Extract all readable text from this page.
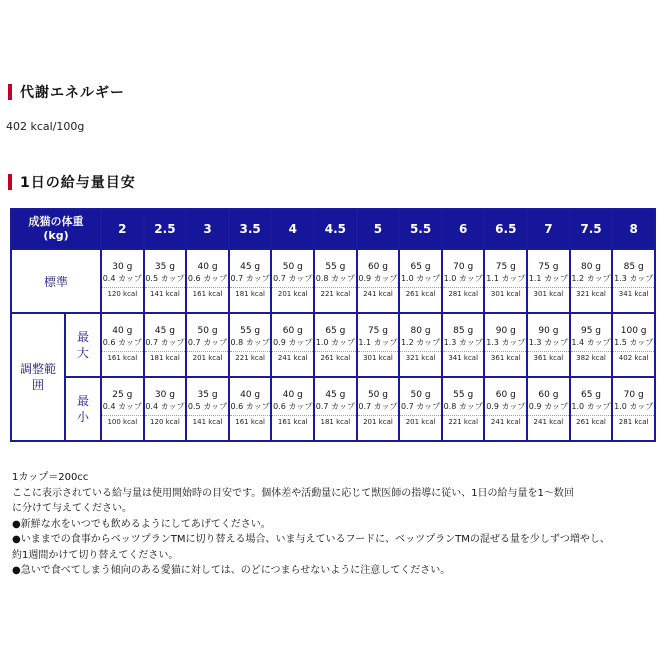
代謝エネルギー
402 kcal/100g
1日の給与量目安
成猫の体重
(kg)		2	2.5	3	3.5	4	4.5	5	5.5	6	6.5	7	7.5	8
標準		30 g
0.4 カップ
120 kcal	35 g
0.5 カップ
141 kcal	40 g
0.6 カップ
161 kcal	45 g
0.7 カップ
181 kcal	50 g
0.7 カップ
201 kcal	55 g
0.8 カップ
221 kcal	60 g
0.9 カップ
241 kcal	65 g
1.0 カップ
261 kcal	70 g
1.0 カップ
281 kcal	75 g
1.1 カップ
301 kcal	75 g
1.1 カップ
301 kcal	80 g
1.2 カップ
321 kcal	85 g
1.3 カップ
341 kcal

調整範囲	最大	40 g
0.6 カップ
161 kcal	45 g
0.7 カップ
181 kcal	50 g
0.7 カップ
201 kcal	55 g
0.8 カップ
221 kcal	60 g
0.9 カップ
241 kcal	65 g
1.0 カップ
261 kcal	75 g
1.1 カップ
301 kcal	80 g
1.2 カップ
321 kcal	85 g
1.3 カップ
341 kcal	90 g
1.3 カップ
361 kcal	90 g
1.3 カップ
361 kcal	95 g
1.4 カップ
382 kcal	100 g
1.5 カップ
402 kcal

	最小	25 g
0.4 カップ
100 kcal	30 g
0.4 カップ
120 kcal	35 g
0.5 カップ
141 kcal	40 g
0.6 カップ
161 kcal	40 g
0.6 カップ
161 kcal	45 g
0.7 カップ
181 kcal	50 g
0.7 カップ
201 kcal	50 g
0.7 カップ
201 kcal	55 g
0.8 カップ
221 kcal	60 g
0.9 カップ
241 kcal	60 g
0.9 カップ
241 kcal	65 g
1.0 カップ
261 kcal	70 g
1.0 カップ
281 kcal
1カップ＝200cc
ここに表示されている給与量は使用開始時の目安です。個体差や活動量に応じて獣医師の指導に従い、1日の給与量を1～数回
に分けて与えてください。
●新鮮な水をいつでも飲めるようにしてあげてください。
●いままでの食事からベッツプランTMに切り替える場合、いま与えているフードに、ベッツプランTMの混ぜる量を少しずつ増やし、
約1週間かけて切り替えてください。
●急いで食べてしまう傾向のある愛猫に対しては、のどにつまらせないように注意してください。
